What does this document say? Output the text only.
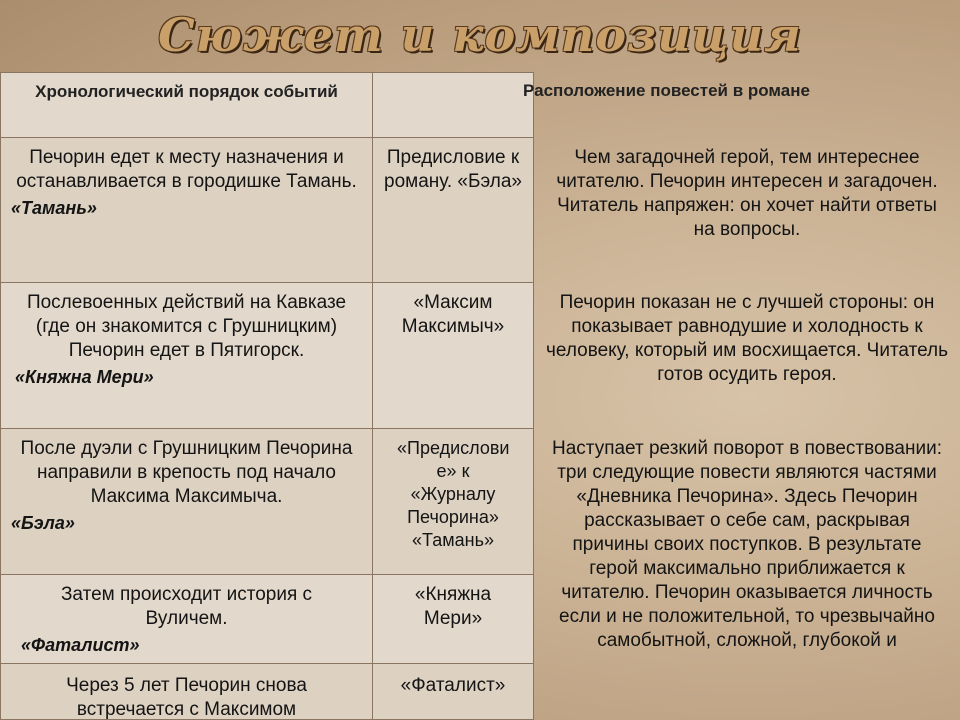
Сюжет и композиция
Хронологический порядок событий	Расположение повестей в романе
Печорин едет к месту назначения и останавливается в городишке Тамань.
«Тамань»
Предисловие к роману. «Бэла»
Чем загадочней герой, тем интереснее читателю. Печорин интересен и загадочен. Читатель напряжен: он хочет найти ответы на вопросы.
Послевоенных действий на Кавказе (где он знакомится с Грушницким) Печорин едет в Пятигорск.
«Княжна Мери»
«Максим Максимыч»
Печорин показан не с лучшей стороны: он показывает равнодушие и холодность к человеку, который им восхищается. Читатель готов осудить героя.
После дуэли с Грушницким Печорина направили в крепость под начало Максима Максимыча.
«Бэла»
«Предислови е» к «Журналу Печорина» «Тамань»
Наступает резкий поворот в повествовании: три следующие повести являются частями «Дневника Печорина». Здесь Печорин рассказывает о себе сам, раскрывая причины своих поступков. В результате герой максимально приближается к читателю. Печорин оказывается личность если и не положительной, то чрезвычайно самобытной, сложной, глубокой и
Затем происходит история с Вуличем.
«Фаталист»
«Княжна Мери»
Через 5 лет Печорин снова встречается с Максимом
«Фаталист»
